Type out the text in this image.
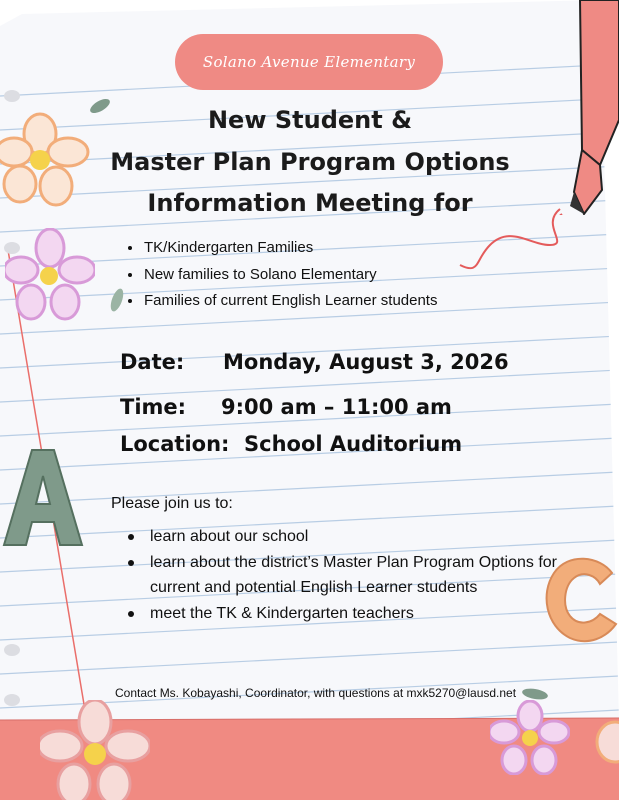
Solano Avenue Elementary
New Student &
Master Plan Program Options
Information Meeting for
TK/Kindergarten Families
New families to Solano Elementary
Families of current English Learner students
Date: Monday, August 3, 2026
Time: 9:00 am – 11:00 am
Location: School Auditorium
Please join us to:
learn about our school
learn about the district’s Master Plan Program Options for current and potential English Learner students
meet the TK & Kindergarten teachers
Contact Ms. Kobayashi, Coordinator, with questions at mxk5270@lausd.net
